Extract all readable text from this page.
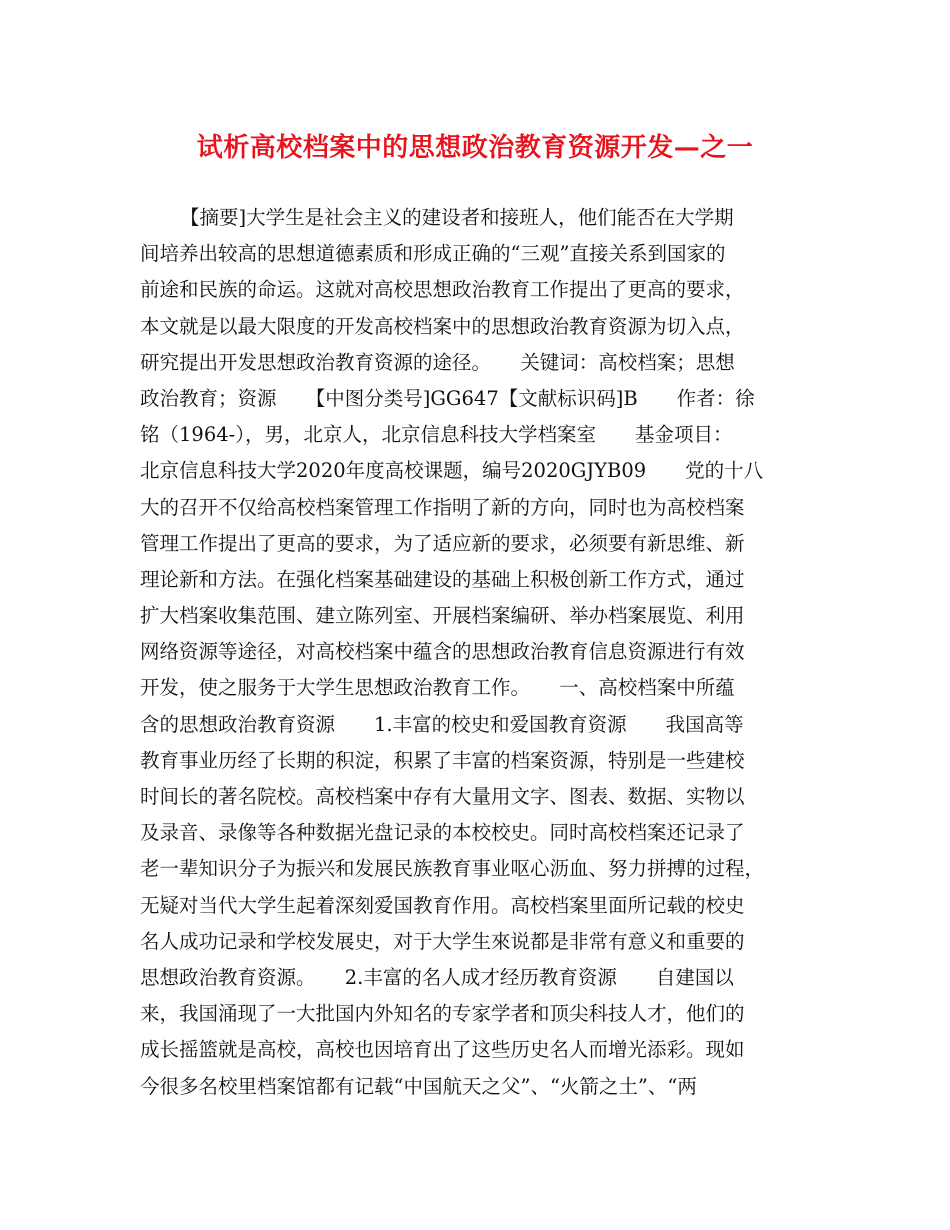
试析高校档案中的思想政治教育资源开发—之一
【摘要]大学生是社会主义的建设者和接班人，他们能否在大学期
间培养出较高的思想道德素质和形成正确的“三观”直接关系到国家的
前途和民族的命运。这就对高校思想政治教育工作提出了更高的要求，
本文就是以最大限度的开发高校档案中的思想政治教育资源为切入点，
研究提出开发思想政治教育资源的途径。　　关键词：高校档案；思想
政治教育；资源　　【中图分类号]GG647【文献标识码]B　　作者：徐
铭（1964-），男，北京人，北京信息科技大学档案室　　基金项目：
北京信息科技大学2020年度高校课题，编号2020GJYB09　　党的十八
大的召开不仅给高校档案管理工作指明了新的方向，同时也为高校档案
管理工作提出了更高的要求，为了适应新的要求，必须要有新思维、新
理论新和方法。在强化档案基础建设的基础上积极创新工作方式，通过
扩大档案收集范围、建立陈列室、开展档案编研、举办档案展览、利用
网络资源等途径，对高校档案中蕴含的思想政治教育信息资源进行有效
开发，使之服务于大学生思想政治教育工作。　　一、高校档案中所蕴
含的思想政治教育资源　　1.丰富的校史和爱国教育资源　　我国高等
教育事业历经了长期的积淀，积累了丰富的档案资源，特别是一些建校
时间长的著名院校。高校档案中存有大量用文字、图表、数据、实物以
及录音、录像等各种数据光盘记录的本校校史。同时高校档案还记录了
老一辈知识分子为振兴和发展民族教育事业呕心沥血、努力拼搏的过程，
无疑对当代大学生起着深刻爱国教育作用。高校档案里面所记载的校史
名人成功记录和学校发展史，对于大学生來说都是非常有意义和重要的
思想政治教育资源。　　2.丰富的名人成才经历教育资源　　自建国以
来，我国涌现了一大批国内外知名的专家学者和顶尖科技人才，他们的
成长摇篮就是高校，高校也因培育出了这些历史名人而增光添彩。现如
今很多名校里档案馆都有记载“中国航天之父”、“火箭之土”、“两
